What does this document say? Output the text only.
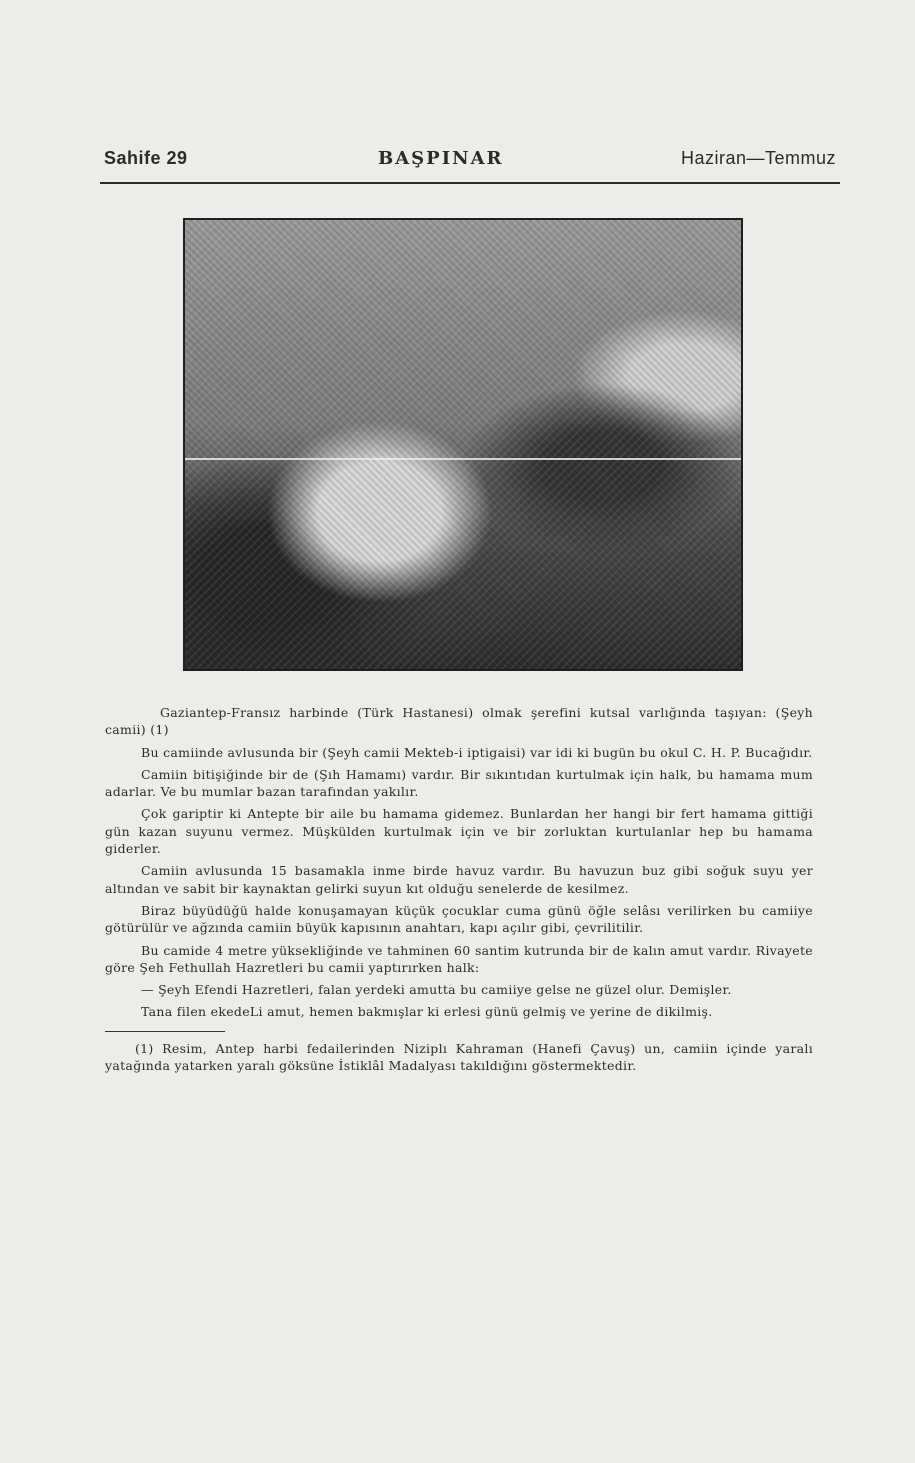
Sahife 29	BAŞPINAR	Haziran—Temmuz

Gaziantep-Fransız harbinde (Türk Hastanesi) olmak şerefini kutsal varlığında taşıyan: (Şeyh camii) (1)

Bu camiinde avlusunda bir (Şeyh camii Mekteb-i iptigaisi) var idi ki bugün bu okul C. H. P. Bucağıdır.

Camiin bitişiğinde bir de (Şıh Hamamı) vardır. Bir sıkıntıdan kurtulmak için halk, bu hamama mum adarlar. Ve bu mumlar bazan tarafından yakılır.

Çok gariptir ki Antepte bir aile bu hamama gidemez. Bunlardan her hangi bir fert hamama gittiği gün kazan suyunu vermez. Müşkülden kurtulmak için ve bir zorluktan kurtulanlar hep bu hamama giderler.

Camiin avlusunda 15 basamakla inme birde havuz vardır. Bu havuzun buz gibi soğuk suyu yer altından ve sabit bir kaynaktan gelirki suyun kıt olduğu senelerde de kesilmez.

Biraz büyüdüğü halde konuşamayan küçük çocuklar cuma günü öğle selâsı verilirken bu camiiye götürülür ve ağzında camiin büyük kapısının anahtarı, kapı açılır gibi, çevrilitilir.

Bu camide 4 metre yüksekliğinde ve tahminen 60 santim kutrunda bir de kalın amut vardır. Rivayete göre Şeh Fethullah Hazretleri bu camii yaptırırken halk:

— Şeyh Efendi Hazretleri, falan yerdeki amutta bu camiiye gelse ne güzel olur. Demişler.

Tana filen ekedeLi amut, hemen bakmışlar ki erlesi günü gelmiş ve yerine de dikilmiş.

(1) Resim, Antep harbi fedailerinden Niziplı Kahraman (Hanefi Çavuş) un, camiin içinde yaralı yatağında yatarken yaralı göksüne İstiklâl Madalyası takıldığını göstermektedir.
